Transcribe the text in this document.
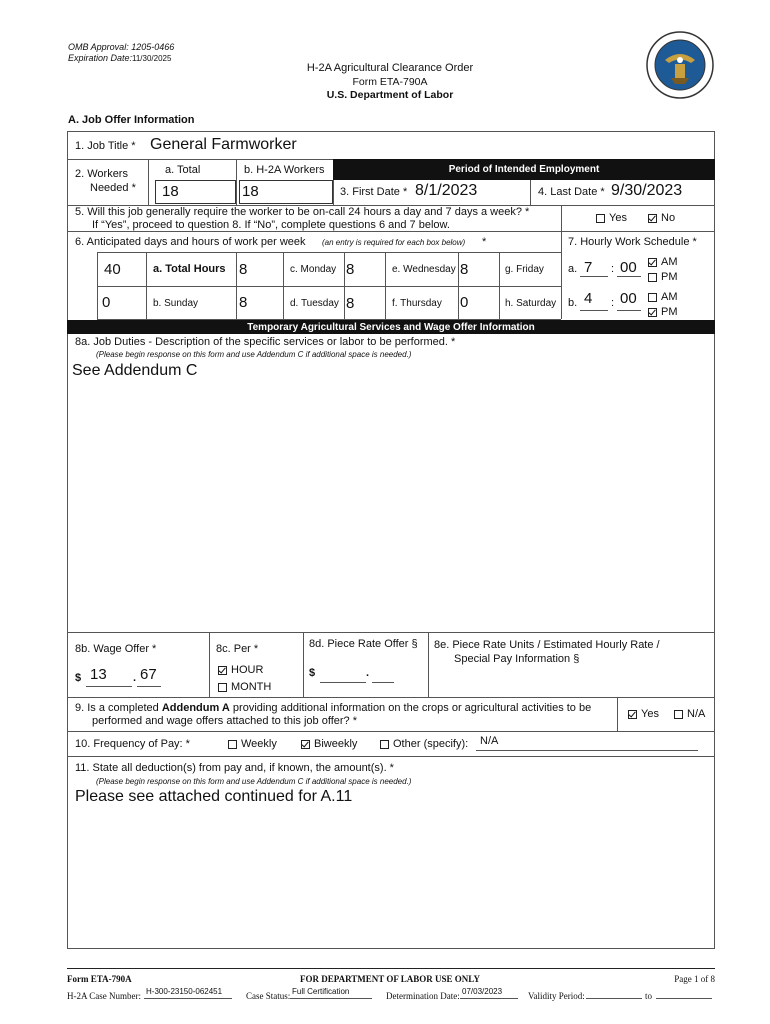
OMB Approval: 1205-0466
Expiration Date: 11/30/2025
H-2A Agricultural Clearance Order
Form ETA-790A
U.S. Department of Labor
A. Job Offer Information
1. Job Title * General Farmworker
2. Workers
Needed *
a. Total	b. H-2A Workers
18	18
Period of Intended Employment
3. First Date * 8/1/2023	4. Last Date * 9/30/2023
5. Will this job generally require the worker to be on-call 24 hours a day and 7 days a week? *
If “Yes”, proceed to question 8. If “No”, complete questions 6 and 7 below.
Yes	No
6. Anticipated days and hours of work per week (an entry is required for each box below) *	7. Hourly Work Schedule *
40	a. Total Hours 8	c. Monday 8	e. Wednesday 8	g. Friday
0	b. Sunday	8	d. Tuesday 8	f. Thursday 0	h. Saturday
a. 7 : 00	AM
PM
b. 4 : 00	AM
PM
Temporary Agricultural Services and Wage Offer Information
8a. Job Duties - Description of the specific services or labor to be performed. *
(Please begin response on this form and use Addendum C if additional space is needed.)
See Addendum C
8b. Wage Offer *
$ 13 . 67
8c. Per *
HOUR
MONTH
8d. Piece Rate Offer §
$	.
8e. Piece Rate Units / Estimated Hourly Rate /
Special Pay Information §
9. Is a completed Addendum A providing additional information on the crops or agricultural activities to be
performed and wage offers attached to this job offer? *
Yes	N/A
10. Frequency of Pay: *	Weekly	Biweekly	Other (specify): N/A
11. State all deduction(s) from pay and, if known, the amount(s). *
(Please begin response on this form and use Addendum C if additional space is needed.)
Please see attached continued for A.11
Form ETA-790A	FOR DEPARTMENT OF LABOR USE ONLY	Page 1 of 8
H-2A Case Number: H-300-23150-062451	Case Status: Full Certification	Determination Date: 07/03/2023	Validity Period:	to
